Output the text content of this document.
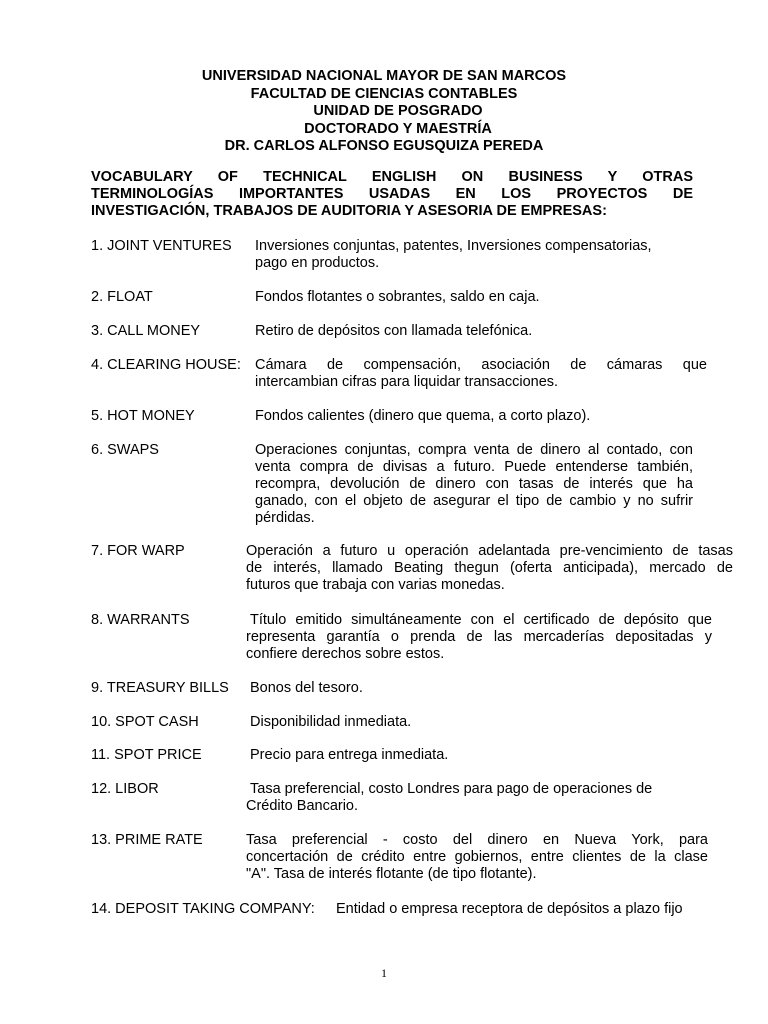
UNIVERSIDAD NACIONAL MAYOR DE SAN MARCOS
FACULTAD DE CIENCIAS CONTABLES
UNIDAD DE POSGRADO
DOCTORADO Y MAESTRÍA
DR. CARLOS ALFONSO EGUSQUIZA PEREDA
VOCABULARY OF TECHNICAL ENGLISH ON BUSINESS Y OTRAS
TERMINOLOGÍAS IMPORTANTES USADAS EN LOS PROYECTOS DE
INVESTIGACIÓN, TRABAJOS DE AUDITORIA Y ASESORIA DE EMPRESAS:
1. JOINT VENTURES Inversiones conjuntas, patentes, Inversiones compensatorias,
pago en productos.
2. FLOAT	Fondos flotantes o sobrantes, saldo en caja.
3. CALL MONEY	Retiro de depósitos con llamada telefónica.
4. CLEARING HOUSE: Cámara de compensación, asociación de cámaras que
intercambian cifras para liquidar transacciones.
5. HOT MONEY	Fondos calientes (dinero que quema, a corto plazo).
6. SWAPS	Operaciones conjuntas, compra venta de dinero al contado, con
venta compra de divisas a futuro. Puede entenderse también,
recompra, devolución de dinero con tasas de interés que ha
ganado, con el objeto de asegurar el tipo de cambio y no sufrir
pérdidas.
7. FOR WARP	Operación a futuro u operación adelantada pre-vencimiento de tasas
de interés, llamado Beating thegun (oferta anticipada), mercado de
futuros que trabaja con varias monedas.
8. WARRANTS	Título emitido simultáneamente con el certificado de depósito que
representa garantía o prenda de las mercaderías depositadas y
confiere derechos sobre estos.
9. TREASURY BILLS Bonos del tesoro.
10. SPOT CASH	Disponibilidad inmediata.
11. SPOT PRICE	Precio para entrega inmediata.
12. LIBOR	Tasa preferencial, costo Londres para pago de operaciones de
Crédito Bancario.
13. PRIME RATE	Tasa preferencial - costo del dinero en Nueva York, para
concertación de crédito entre gobiernos, entre clientes de la clase
"A". Tasa de interés flotante (de tipo flotante).
14. DEPOSIT TAKING COMPANY: Entidad o empresa receptora de depósitos a plazo fijo
1
